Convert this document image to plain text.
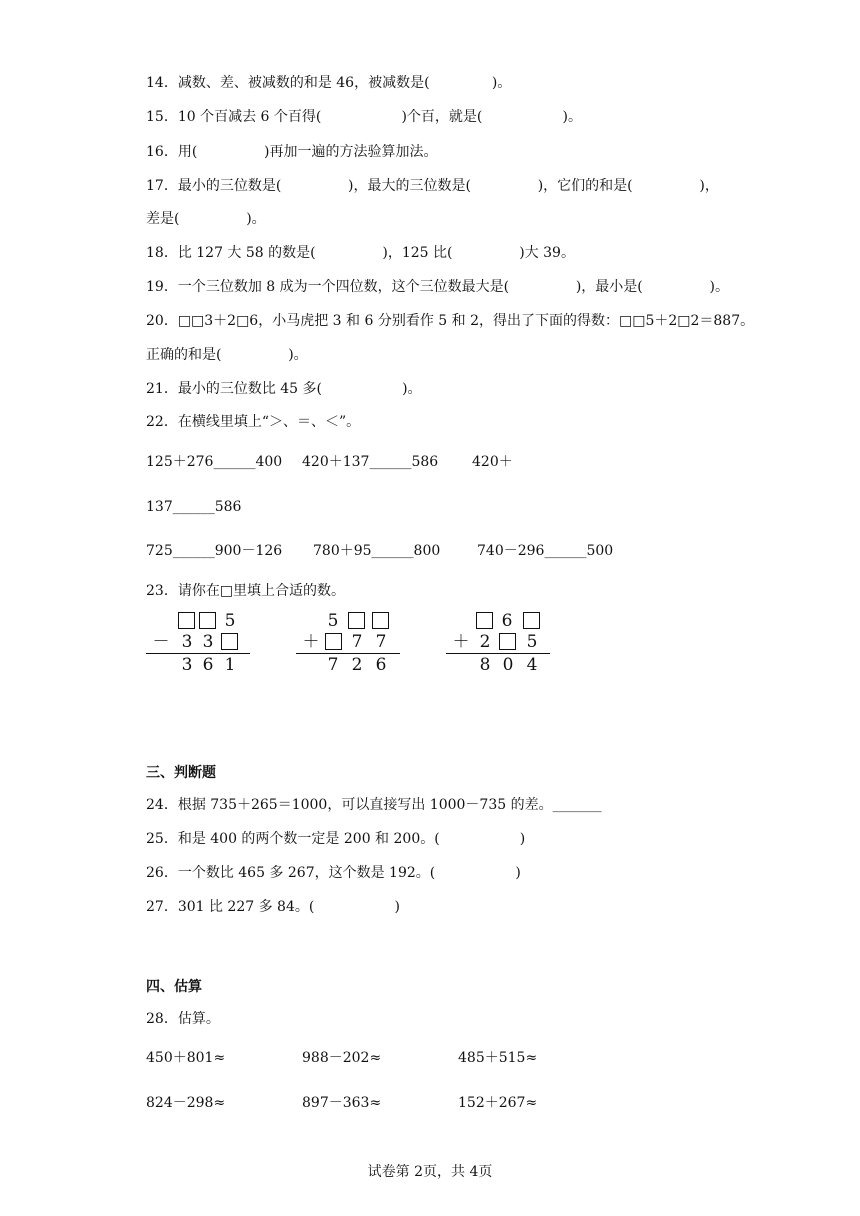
14．减数、差、被减数的和是 46，被减数是(              )。
15．10 个百减去 6 个百得(                  )个百，就是(                  )。
16．用(               )再加一遍的方法验算加法。
17．最小的三位数是(               )，最大的三位数是(               )，它们的和是(               )，
差是(               )。
18．比 127 大 58 的数是(               )，125 比(               )大 39。
19．一个三位数加 8 成为一个四位数，这个三位数最大是(               )，最小是(               )。
20．□□3＋2□6，小马虎把 3 和 6 分别看作 5 和 2，得出了下面的得数：□□5＋2□2＝887。
正确的和是(               )。
21．最小的三位数比 45 多(                  )。
22．在横线里填上“＞、＝、＜”。
125＋276______400 420＋137______586 420＋
137______586
725______900－126 780＋95______800	740－296______500
23．请你在□里填上合适的数。
5
－ 3 3
3 6 1
5
＋ 7 7
7 2 6
6
＋ 2 5
8 0 4
三、判断题
24．根据 735＋265＝1000，可以直接写出 1000－735 的差。_______
25．和是 400 的两个数一定是 200 和 200。(                  )
26．一个数比 465 多 267，这个数是 192。(                  )
27．301 比 227 多 84。(                  )
四、估算
28．估算。
450＋801≈	988－202≈	485＋515≈
824－298≈	897－363≈	152＋267≈
试卷第 2页，共 4页
